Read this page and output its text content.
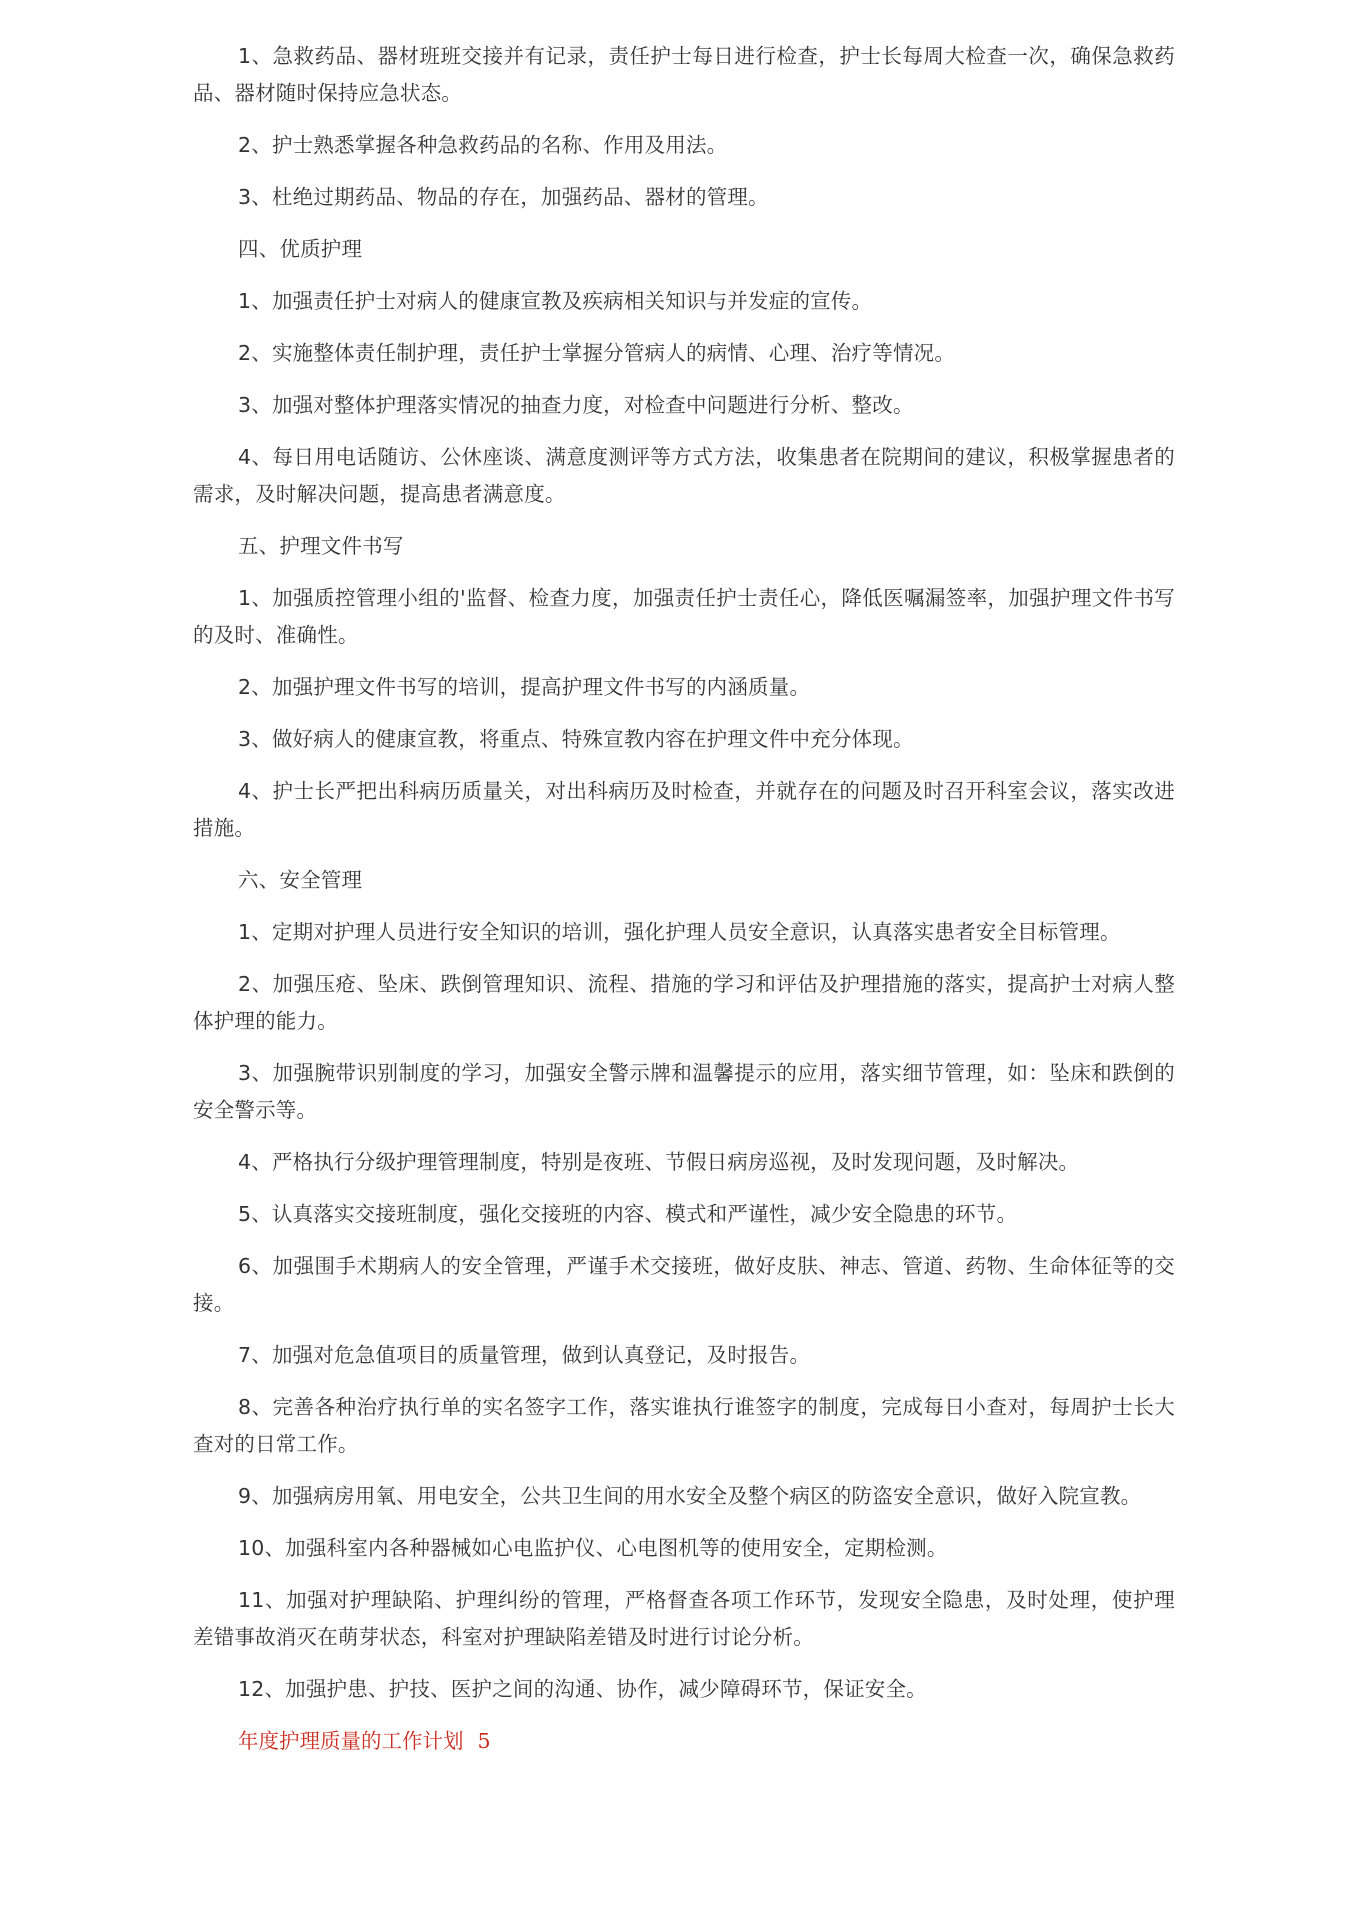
1、急救药品、器材班班交接并有记录，责任护士每日进行检查，护士长每周大检查一次，确保急救药品、器材随时保持应急状态。

2、护士熟悉掌握各种急救药品的名称、作用及用法。

3、杜绝过期药品、物品的存在，加强药品、器材的管理。

四、优质护理

1、加强责任护士对病人的健康宣教及疾病相关知识与并发症的宣传。

2、实施整体责任制护理，责任护士掌握分管病人的病情、心理、治疗等情况。

3、加强对整体护理落实情况的抽查力度，对检查中问题进行分析、整改。

4、每日用电话随访、公休座谈、满意度测评等方式方法，收集患者在院期间的建议，积极掌握患者的需求，及时解决问题，提高患者满意度。

五、护理文件书写

1、加强质控管理小组的'监督、检查力度，加强责任护士责任心，降低医嘱漏签率，加强护理文件书写的及时、准确性。

2、加强护理文件书写的培训，提高护理文件书写的内涵质量。

3、做好病人的健康宣教，将重点、特殊宣教内容在护理文件中充分体现。

4、护士长严把出科病历质量关，对出科病历及时检查，并就存在的问题及时召开科室会议，落实改进措施。

六、安全管理

1、定期对护理人员进行安全知识的培训，强化护理人员安全意识，认真落实患者安全目标管理。

2、加强压疮、坠床、跌倒管理知识、流程、措施的学习和评估及护理措施的落实，提高护士对病人整体护理的能力。

3、加强腕带识别制度的学习，加强安全警示牌和温馨提示的应用，落实细节管理，如：坠床和跌倒的安全警示等。

4、严格执行分级护理管理制度，特别是夜班、节假日病房巡视，及时发现问题，及时解决。

5、认真落实交接班制度，强化交接班的内容、模式和严谨性，减少安全隐患的环节。

6、加强围手术期病人的安全管理，严谨手术交接班，做好皮肤、神志、管道、药物、生命体征等的交接。

7、加强对危急值项目的质量管理，做到认真登记，及时报告。

8、完善各种治疗执行单的实名签字工作，落实谁执行谁签字的制度，完成每日小查对，每周护士长大查对的日常工作。

9、加强病房用氧、用电安全，公共卫生间的用水安全及整个病区的防盗安全意识，做好入院宣教。

10、加强科室内各种器械如心电监护仪、心电图机等的使用安全，定期检测。

11、加强对护理缺陷、护理纠纷的管理，严格督查各项工作环节，发现安全隐患，及时处理，使护理差错事故消灭在萌芽状态，科室对护理缺陷差错及时进行讨论分析。

12、加强护患、护技、医护之间的沟通、协作，减少障碍环节，保证安全。

年度护理质量的工作计划 5
